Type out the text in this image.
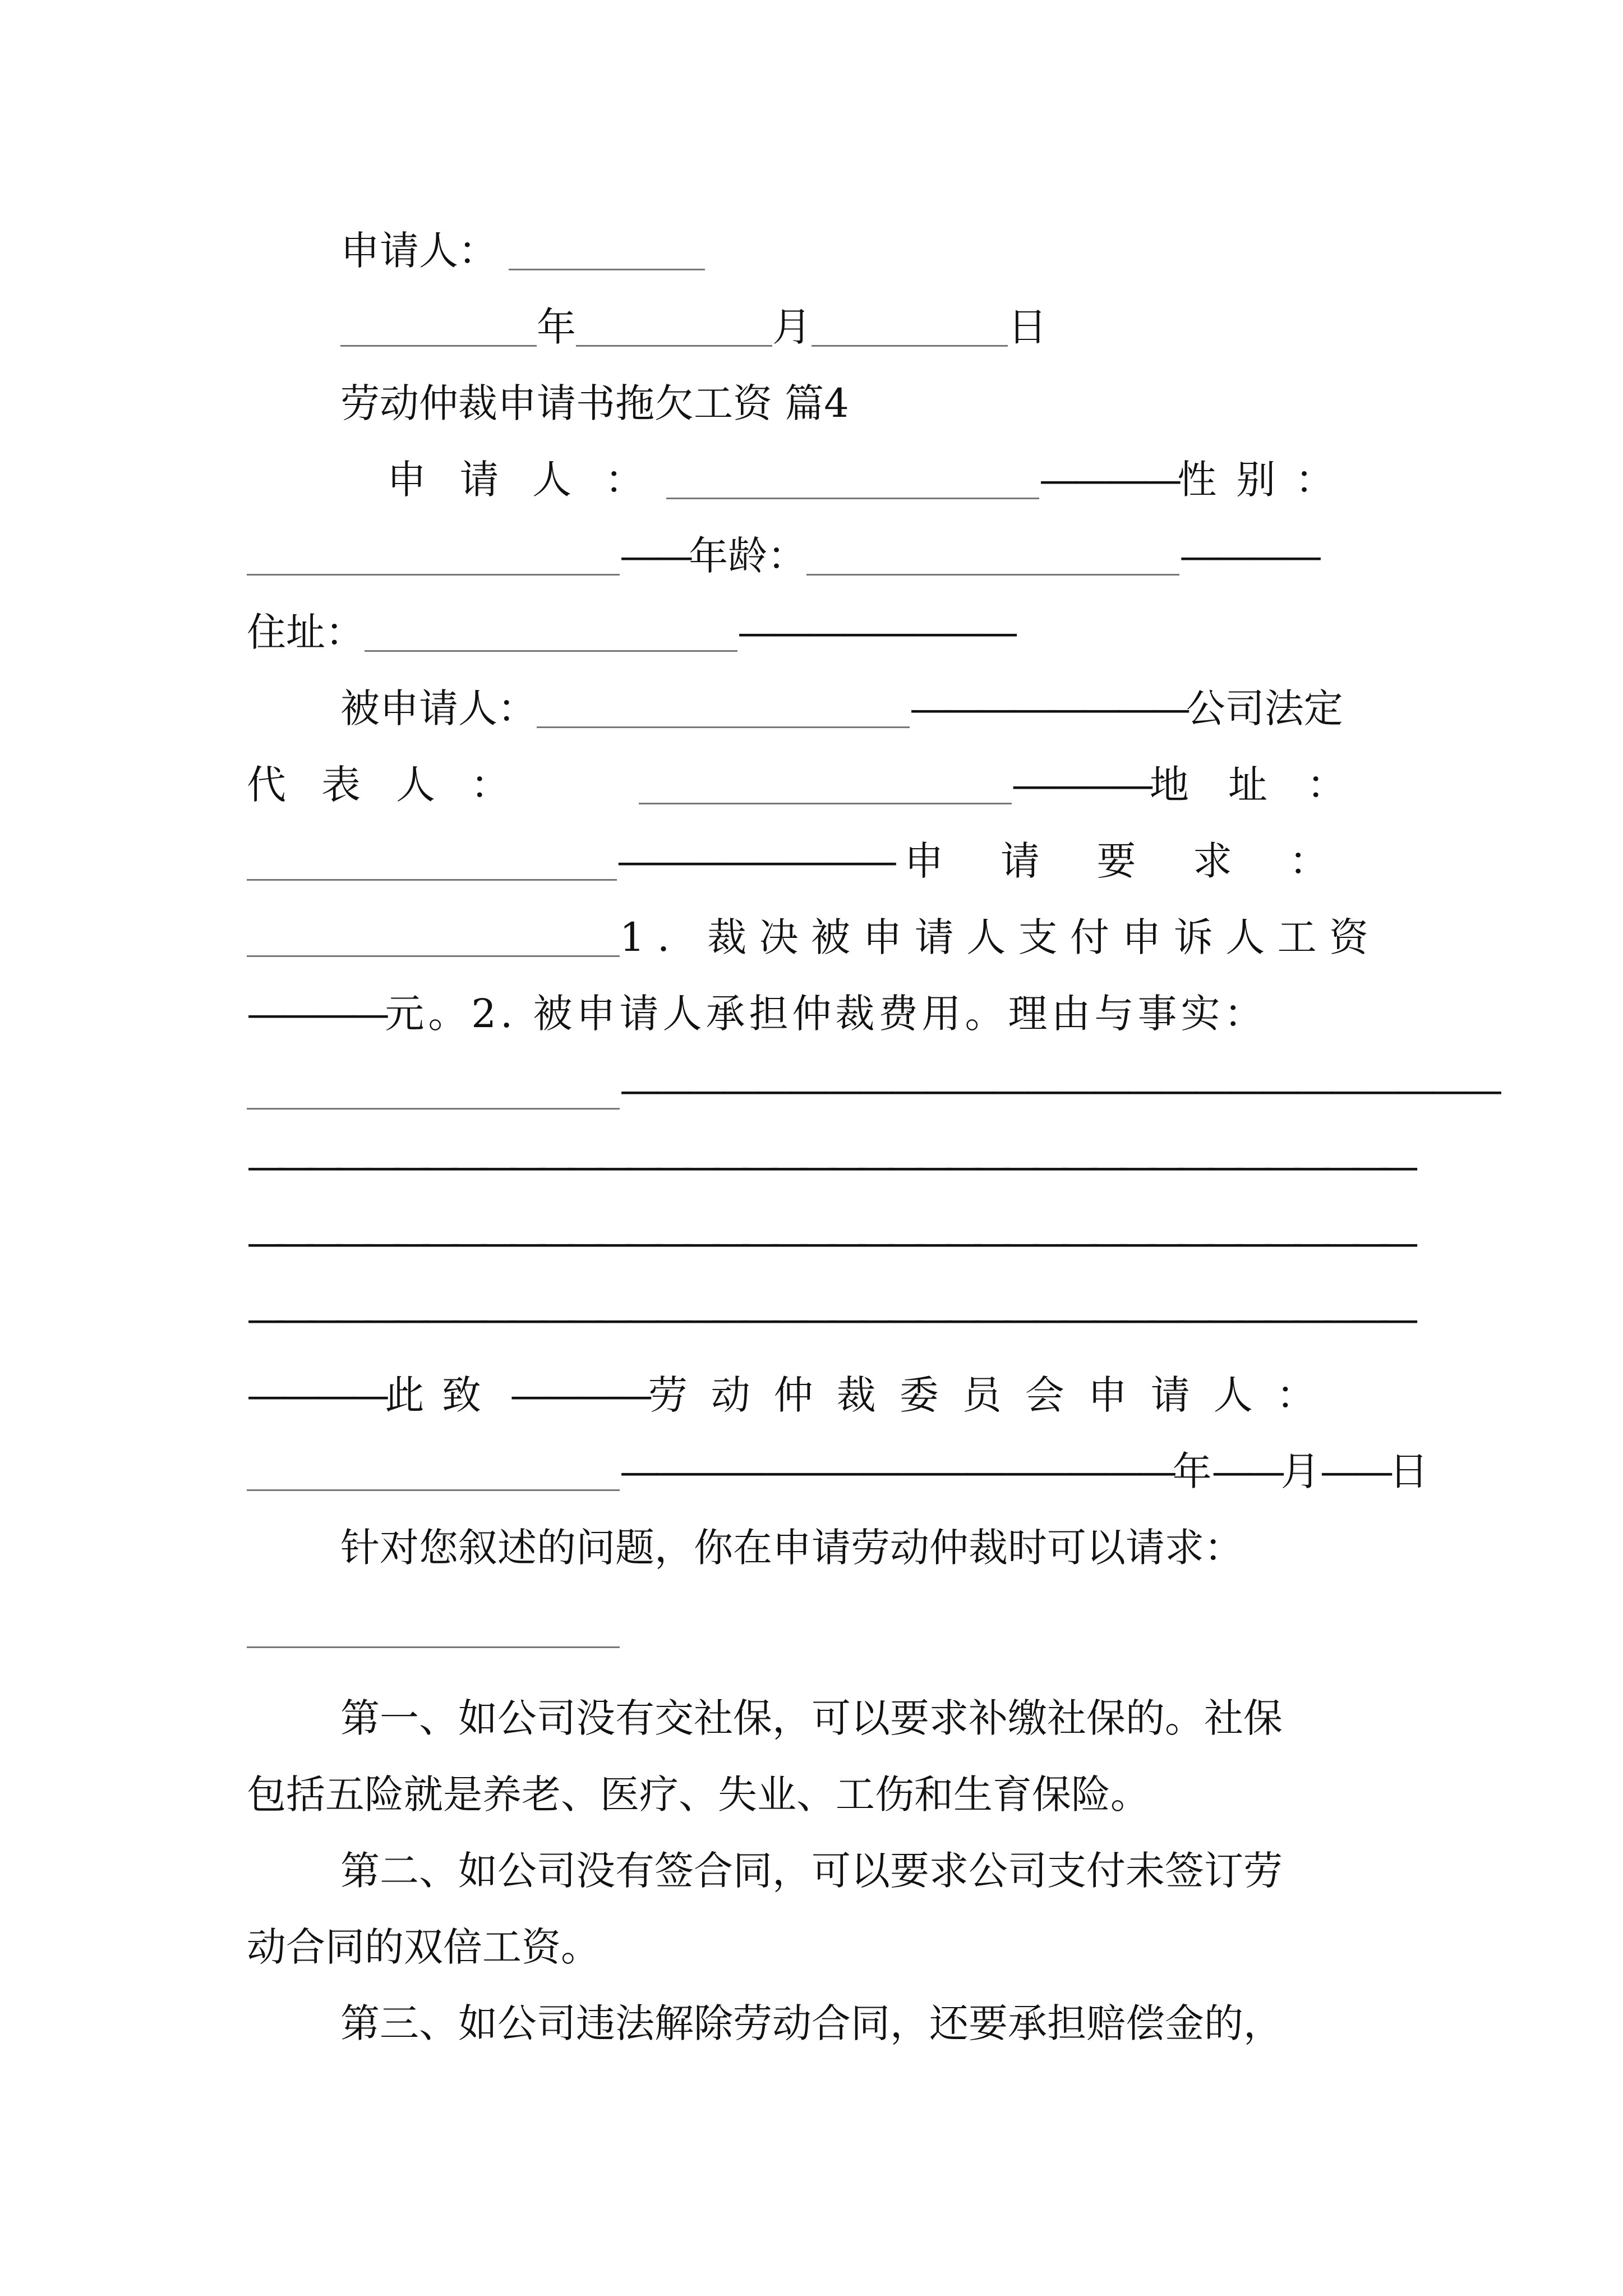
申请人：
年	月	日
劳动仲裁申请书拖欠工资 篇4
申请人：	———— 性别：
—— 年龄：	————
住址：	————————
被申请人：	———————— 公司法定
代表人：	———— 地址：
———————— 申请要求：
1. 裁决被申请人支付申诉人工资
———— 元。2. 被申请人承担仲裁费用。理由与事实：
——————————————————————————
————————————————————————————————————————
————————————————————————————————————————
————————————————————————————————————————
———— 此致 ———— 劳动仲裁委员会申请人：
———————————————— 年 —— 月 —— 日
针对您叙述的问题，你在申请劳动仲裁时可以请求：
第一、如公司没有交社保，可以要求补缴社保的。社保
包括五险就是养老、医疗、失业、工伤和生育保险。
第二、如公司没有签合同，可以要求公司支付未签订劳
动合同的双倍工资。
第三、如公司违法解除劳动合同，还要承担赔偿金的，
